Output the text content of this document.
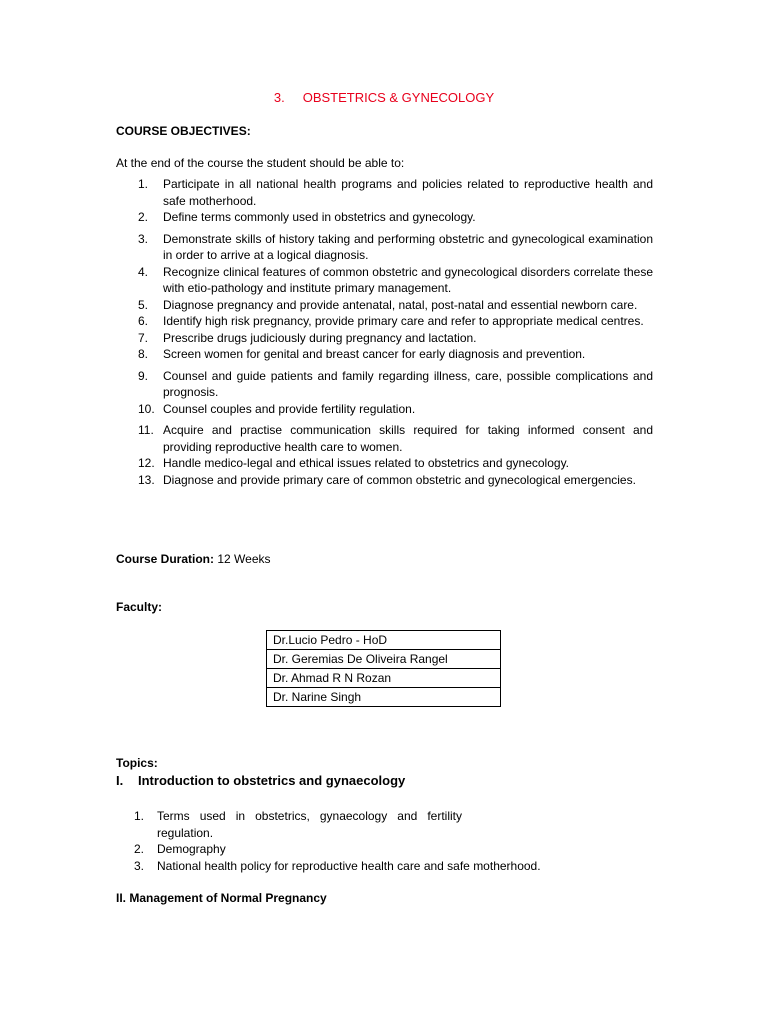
3. OBSTETRICS & GYNECOLOGY
COURSE OBJECTIVES:
At the end of the course the student should be able to:
1. Participate in all national health programs and policies related to reproductive health and safe motherhood.
2. Define terms commonly used in obstetrics and gynecology.
3. Demonstrate skills of history taking and performing obstetric and gynecological examination in order to arrive at a logical diagnosis.
4. Recognize clinical features of common obstetric and gynecological disorders correlate these with etio-pathology and institute primary management.
5. Diagnose pregnancy and provide antenatal, natal, post-natal and essential newborn care.
6. Identify high risk pregnancy, provide primary care and refer to appropriate medical centres.
7. Prescribe drugs judiciously during pregnancy and lactation.
8. Screen women for genital and breast cancer for early diagnosis and prevention.
9. Counsel and guide patients and family regarding illness, care, possible complications and prognosis.
10. Counsel couples and provide fertility regulation.
11. Acquire and practise communication skills required for taking informed consent and providing reproductive health care to women.
12. Handle medico-legal and ethical issues related to obstetrics and gynecology.
13. Diagnose and provide primary care of common obstetric and gynecological emergencies.
Course Duration: 12 Weeks
Faculty:
Dr.Lucio Pedro - HoD
Dr. Geremias De Oliveira Rangel
Dr. Ahmad R N Rozan
Dr. Narine Singh
Topics:
I. Introduction to obstetrics and gynaecology
1. Terms used in obstetrics, gynaecology and fertility regulation.
2. Demography
3. National health policy for reproductive health care and safe motherhood.
II. Management of Normal Pregnancy
